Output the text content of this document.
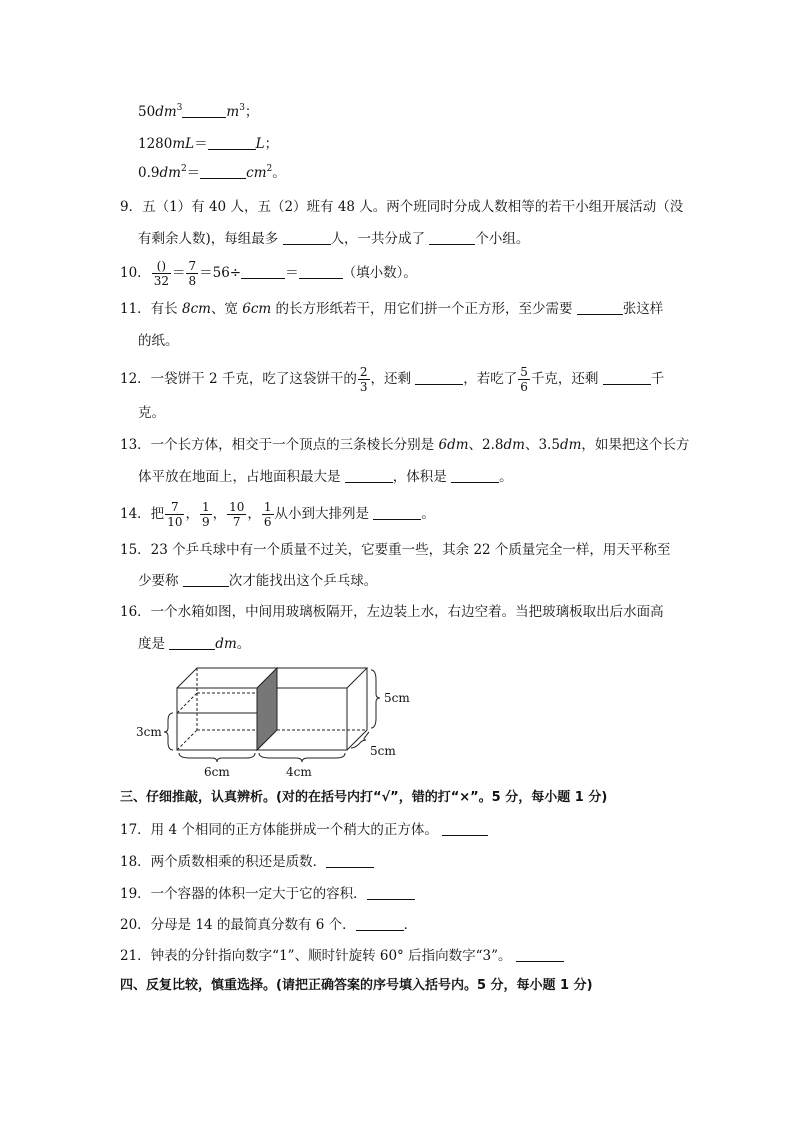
$50dm^3$	$m^3$；
1280mL＝	L；
$0.9dm^2=$	$cm^2$。
9．五（1）有 40 人，五（2）班有 48 人。两个班同时分成人数相等的若干小组开展活动（没
有剩余人数)，每组最多	人，一共分成了	个小组。
10． $\frac{()}{32} = \frac{7}{8} =56\div$	＝	（填小数）。
11．有长 8cm、宽 6cm 的长方形纸若干，用它们拼一个正方形，至少需要	张这样
的纸。
12．一袋饼干 2 千克，吃了这袋饼干的 $\frac{2}{3}$ ，还剩	，若吃了 $\frac{5}{6}$ 千克，还剩	千
克。
13．一个长方体，相交于一个顶点的三条棱长分别是 6dm、2.8dm、3.5dm，如果把这个长方
体平放在地面上，占地面积最大是	，体积是	。
14．把 $\frac{7}{10}$ ， $\frac{1}{9}$ ， $\frac{10}{7}$ ， $\frac{1}{6}$ 从小到大排列是	。
15．23 个乒乓球中有一个质量不过关，它要重一些，其余 22 个质量完全一样，用天平称至
少要称	次才能找出这个乒乓球。
16．一个水箱如图，中间用玻璃板隔开，左边装上水，右边空着。当把玻璃板取出后水面高
度是	dm。
5cm
3cm
5cm
6cm	4cm
三、仔细推敲，认真辨析。(对的在括号内打“√”，错的打“×”。5 分，每小题 1 分)
17．用 4 个相同的正方体能拼成一个稍大的正方体。
18．两个质数相乘的积还是质数．
19．一个容器的体积一定大于它的容积．
20．分母是 14 的最简真分数有 6 个．	．
21．钟表的分针指向数字“1”、顺时针旋转 60° 后指向数字“3”。
四、反复比较，慎重选择。(请把正确答案的序号填入括号内。5 分，每小题 1 分)
